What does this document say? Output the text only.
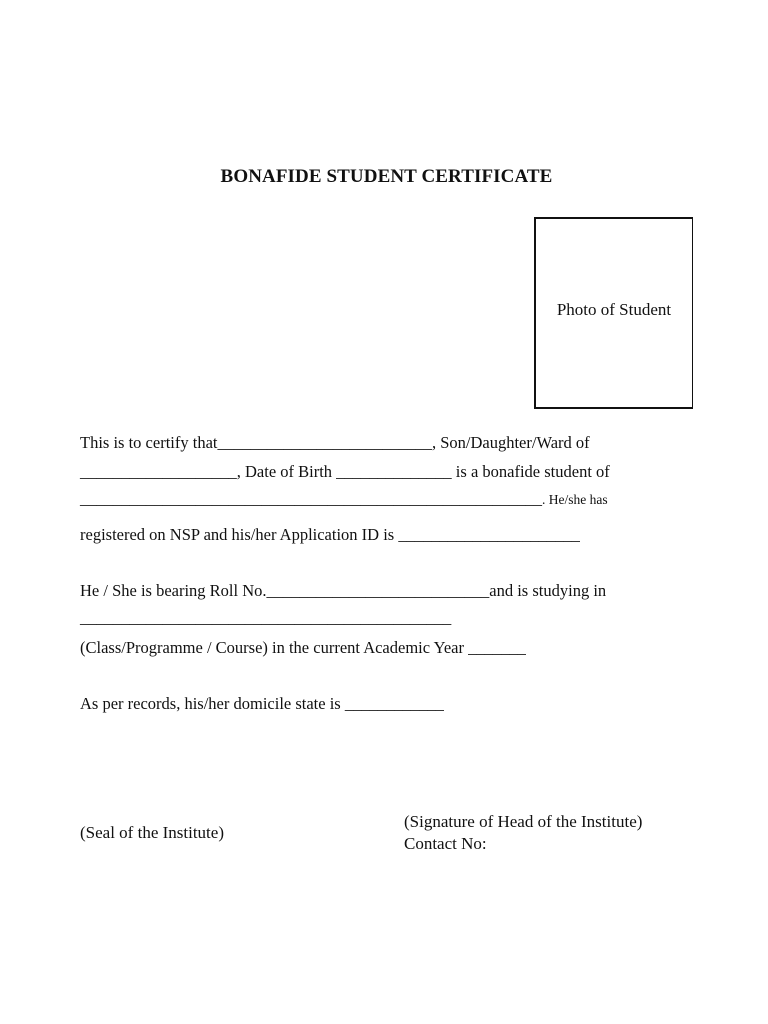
BONAFIDE STUDENT CERTIFICATE
Photo of Student
This is to certify that__________________________, Son/Daughter/Ward of
___________________, Date of Birth ______________ is a bonafide student of
________________________________________________________. He/she has
registered on NSP and his/her Application ID is ______________________
He / She is bearing Roll No.___________________________and is studying in
_____________________________________________
(Class/Programme / Course) in the current Academic Year _______
As per records, his/her domicile state is ____________
(Seal of the Institute)
(Signature of Head of the Institute)
Contact No:
